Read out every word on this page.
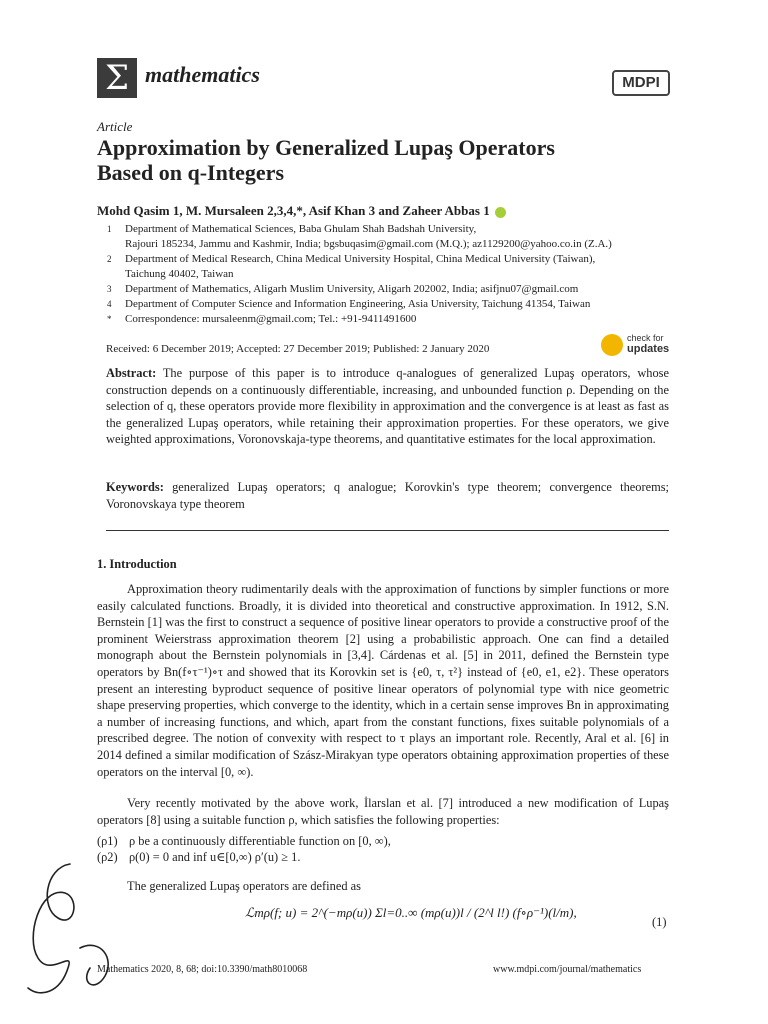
Σ mathematics	MDPI
Article
Approximation by Generalized Lupaş Operators
Based on q-Integers
Mohd Qasim 1, M. Mursaleen 2,3,4,*, Asif Khan 3 and Zaheer Abbas 1
1 Department of Mathematical Sciences, Baba Ghulam Shah Badshah University,
Rajouri 185234, Jammu and Kashmir, India; bgsbuqasim@gmail.com (M.Q.); az1129200@yahoo.co.in (Z.A.)
2 Department of Medical Research, China Medical University Hospital, China Medical University (Taiwan),
Taichung 40402, Taiwan
3 Department of Mathematics, Aligarh Muslim University, Aligarh 202002, India; asifjnu07@gmail.com
4 Department of Computer Science and Information Engineering, Asia University, Taichung 41354, Taiwan
* Correspondence: mursaleenm@gmail.com; Tel.: +91-9411491600
Received: 6 December 2019; Accepted: 27 December 2019; Published: 2 January 2020
check for
updates
Abstract: The purpose of this paper is to introduce q-analogues of generalized Lupaş operators, whose construction depends on a continuously differentiable, increasing, and unbounded function ρ. Depending on the selection of q, these operators provide more flexibility in approximation and the convergence is at least as fast as the generalized Lupaş operators, while retaining their approximation properties. For these operators, we give weighted approximations, Voronovskaja-type theorems, and quantitative estimates for the local approximation.
Keywords: generalized Lupaş operators; q analogue; Korovkin's type theorem; convergence theorems; Voronovskaya type theorem
1. Introduction
Approximation theory rudimentarily deals with the approximation of functions by simpler functions or more easily calculated functions. Broadly, it is divided into theoretical and constructive approximation. In 1912, S.N. Bernstein [1] was the first to construct a sequence of positive linear operators to provide a constructive proof of the prominent Weierstrass approximation theorem [2] using a probabilistic approach. One can find a detailed monograph about the Bernstein polynomials in [3,4]. Cárdenas et al. [5] in 2011, defined the Bernstein type operators by Bn(f∘τ⁻¹)∘τ and showed that its Korovkin set is {e0, τ, τ²} instead of {e0, e1, e2}. These operators present an interesting byproduct sequence of positive linear operators of polynomial type with nice geometric shape preserving properties, which converge to the identity, which in a certain sense improves Bn in approximating a number of increasing functions, and which, apart from the constant functions, fixes suitable polynomials of a prescribed degree. The notion of convexity with respect to τ plays an important role. Recently, Aral et al. [6] in 2014 defined a similar modification of Szász-Mirakyan type operators obtaining approximation properties of these operators on the interval [0, ∞).
Very recently motivated by the above work, İlarslan et al. [7] introduced a new modification of Lupaş operators [8] using a suitable function ρ, which satisfies the following properties:
(ρ1) ρ be a continuously differentiable function on [0, ∞),
(ρ2) ρ(0) = 0 and inf u∈[0,∞) ρ′(u) ≥ 1.
The generalized Lupaş operators are defined as
ℒmρ(f; u) = 2^(−mρ(u)) Σl=0..∞ (mρ(u))l / (2^l l!) (f∘ρ⁻¹)(l/m),
(1)
Mathematics 2020, 8, 68; doi:10.3390/math8010068	www.mdpi.com/journal/mathematics
